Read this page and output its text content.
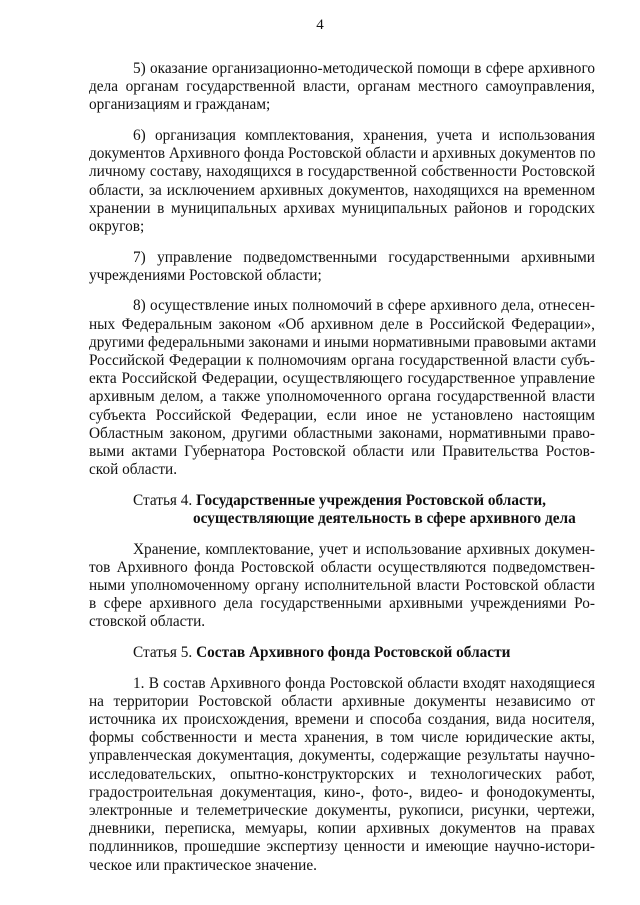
4
5) оказание организационно-методической помощи в сфере архивного
дела органам государственной власти, органам местного самоуправления,
организациям и гражданам;
6) организация комплектования, хранения, учета и использования
документов Архивного фонда Ростовской области и архивных документов по
личному составу, находящихся в государственной собственности Ростовской
области, за исключением архивных документов, находящихся на временном
хранении в муниципальных архивах муниципальных районов и городских
округов;
7) управление подведомственными государственными архивными
учреждениями Ростовской области;
8) осуществление иных полномочий в сфере архивного дела, отнесен-
ных Федеральным законом «Об архивном деле в Российской Федерации»,
другими федеральными законами и иными нормативными правовыми актами
Российской Федерации к полномочиям органа государственной власти субъ-
екта Российской Федерации, осуществляющего государственное управление
архивным делом, а также уполномоченного органа государственной власти
субъекта Российской Федерации, если иное не установлено настоящим
Областным законом, другими областными законами, нормативными право-
выми актами Губернатора Ростовской области или Правительства Ростов-
ской области.
Статья 4. Государственные учреждения Ростовской области,
осуществляющие деятельность в сфере архивного дела
Хранение, комплектование, учет и использование архивных докумен-
тов Архивного фонда Ростовской области осуществляются подведомствен-
ными уполномоченному органу исполнительной власти Ростовской области
в сфере архивного дела государственными архивными учреждениями Ро-
стовской области.
Статья 5. Состав Архивного фонда Ростовской области
1. В состав Архивного фонда Ростовской области входят находящиеся
на территории Ростовской области архивные документы независимо от
источника их происхождения, времени и способа создания, вида носителя,
формы собственности и места хранения, в том числе юридические акты,
управленческая документация, документы, содержащие результаты научно-
исследовательских, опытно-конструкторских и технологических работ,
градостроительная документация, кино-, фото-, видео- и фонодокументы,
электронные и телеметрические документы, рукописи, рисунки, чертежи,
дневники, переписка, мемуары, копии архивных документов на правах
подлинников, прошедшие экспертизу ценности и имеющие научно-истори-
ческое или практическое значение.
